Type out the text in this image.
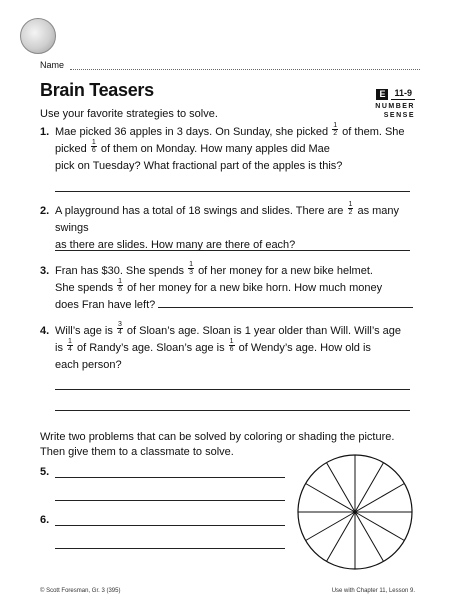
Name
Brain Teasers	E	11-9
NUMBER
SENSE
Use your favorite strategies to solve.
1. Mae picked 36 apples in 3 days. On Sunday, she picked $\frac{1}{2}$ of them. She
picked $\frac{1}{6}$ of them on Monday. How many apples did Mae
pick on Tuesday? What fractional part of the apples is this?
2. A playground has a total of 18 swings and slides. There are $\frac{1}{2}$ as many swings
as there are slides. How many are there of each?
3. Fran has $30. She spends $\frac{1}{3}$ of her money for a new bike helmet.
She spends $\frac{1}{6}$ of her money for a new bike horn. How much money
does Fran have left?
4. Will’s age is $\frac{3}{4}$ of Sloan’s age. Sloan is 1 year older than Will. Will’s age
is $\frac{1}{4}$ of Randy’s age. Sloan’s age is $\frac{1}{6}$ of Wendy’s age. How old is
each person?
Write two problems that can be solved by coloring or shading the picture.
Then give them to a classmate to solve.
5.
6.
© Scott Foresman, Gr. 3 (395)	Use with Chapter 11, Lesson 9.
